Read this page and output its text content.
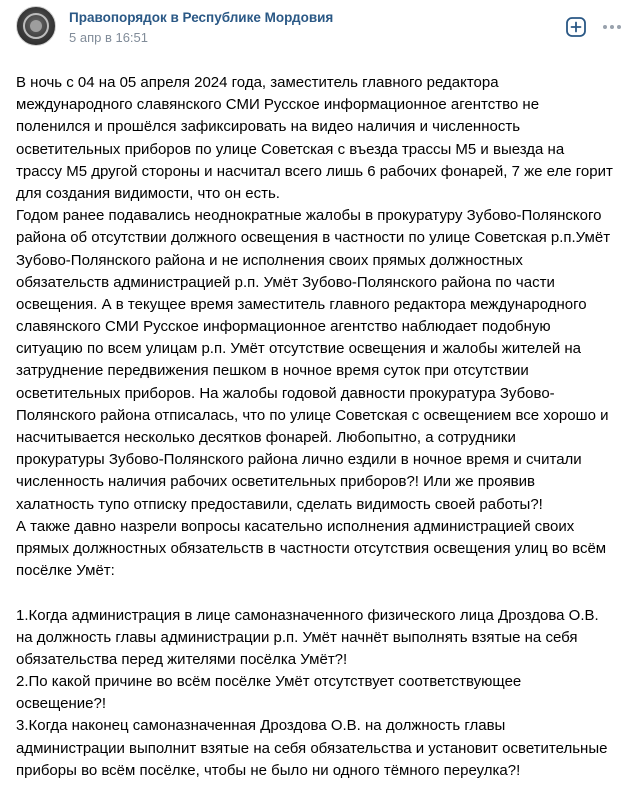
Правопорядок в Республике Мордовия
5 апр в 16:51
В ночь с 04 на 05 апреля 2024 года, заместитель главного редактора
международного славянского СМИ Русское информационное агентство не
поленился и прошёлся зафиксировать на видео наличия и численность
осветительных приборов по улице Советская с въезда трассы М5 и выезда на
трассу М5 другой стороны и насчитал всего лишь 6 рабочих фонарей, 7 же еле горит
для создания видимости, что он есть.
Годом ранее подавались неоднократные жалобы в прокуратуру Зубово-Полянского
района об отсутствии должного освещения в частности по улице Советская р.п.Умёт
Зубово-Полянского района и не исполнения своих прямых должностных
обязательств администрацией р.п. Умёт Зубово-Полянского района по части
освещения. А в текущее время заместитель главного редактора международного
славянского СМИ Русское информационное агентство наблюдает подобную
ситуацию по всем улицам р.п. Умёт отсутствие освещения и жалобы жителей на
затруднение передвижения пешком в ночное время суток при отсутствии
осветительных приборов. На жалобы годовой давности прокуратура Зубово-
Полянского района отписалась, что по улице Советская с освещением все хорошо и
насчитывается несколько десятков фонарей. Любопытно, а сотрудники
прокуратуры Зубово-Полянского района лично ездили в ночное время и считали
численность наличия рабочих осветительных приборов?! Или же проявив
халатность тупо отписку предоставили, сделать видимость своей работы?!
А также давно назрели вопросы касательно исполнения администрацией своих
прямых должностных обязательств в частности отсутствия освещения улиц во всём
посёлке Умёт:
1.Когда администрация в лице самоназначенного физического лица Дроздова О.В.
на должность главы администрации р.п. Умёт начнёт выполнять взятые на себя
обязательства перед жителями посёлка Умёт?!
2.По какой причине во всём посёлке Умёт отсутствует соответствующее
освещение?!
3.Когда наконец самоназначенная Дроздова О.В. на должность главы
администрации выполнит взятые на себя обязательства и установит осветительные
приборы во всём посёлке, чтобы не было ни одного тёмного переулка?!
